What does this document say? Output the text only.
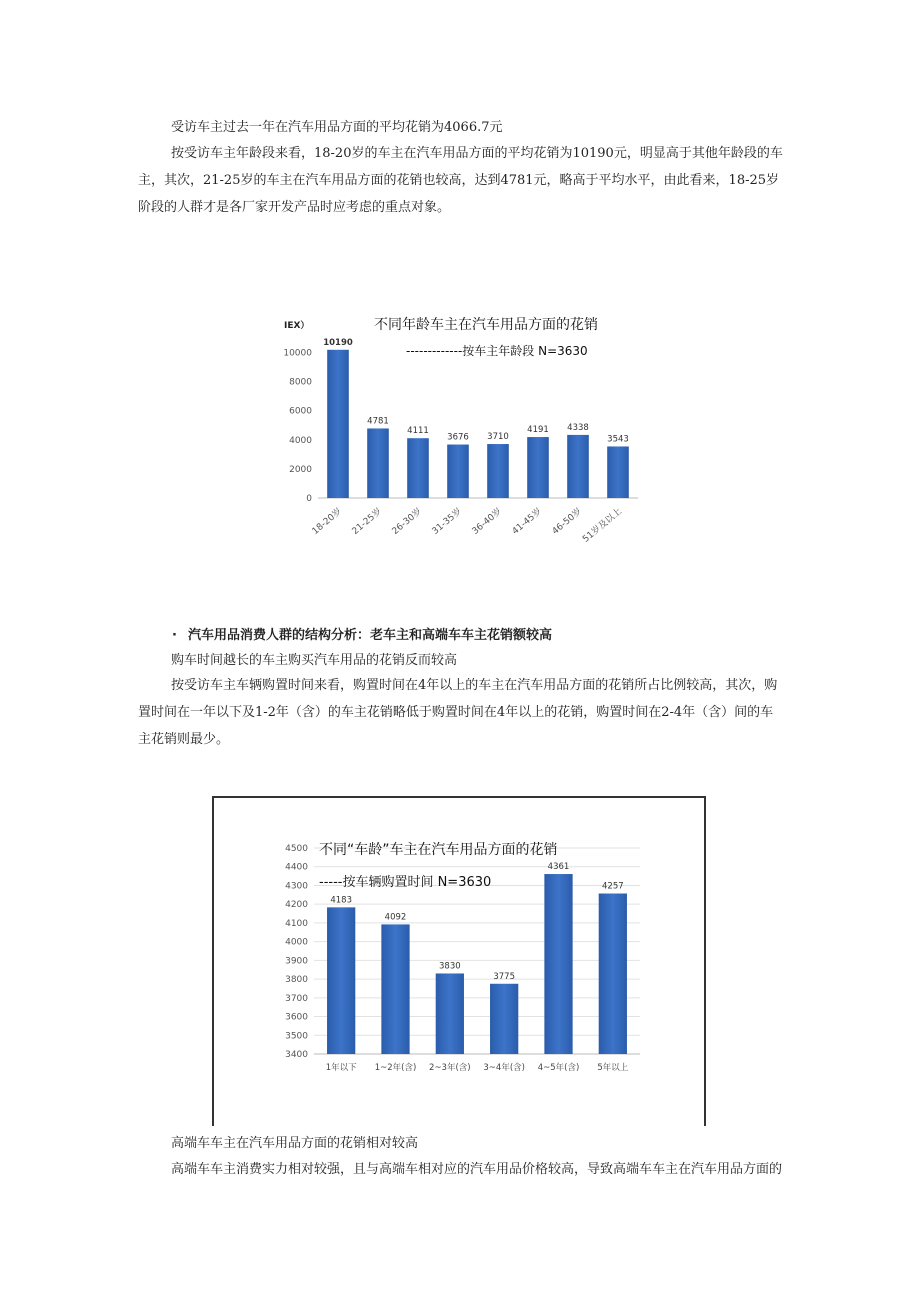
受访车主过去一年在汽车用品方面的平均花销为4066.7元

按受访车主年龄段来看，18-20岁的车主在汽车用品方面的平均花销为10190元，明显高于其他年龄段的车主，其次，21-25岁的车主在汽车用品方面的花销也较高，达到4781元，略高于平均水平，由此看来，18-25岁阶段的人群才是各厂家开发产品时应考虑的重点对象。

IEX）	不同年龄车主在汽车用品方面的花销
-------------按车主年龄段 N=3630
0
2000
4000
6000
8000
10000
18-20岁 21-25岁 26-30岁 31-35岁 36-40岁 41-45岁 46-50岁
51岁及以上
10190
4781
4111
3676 3710
4191 4338
3543
· 汽车用品消费人群的结构分析：老车主和高端车车主花销额较高

购车时间越长的车主购买汽车用品的花销反而较高

按受访车主车辆购置时间来看，购置时间在4年以上的车主在汽车用品方面的花销所占比例较高，其次，购置时间在一年以下及1-2年（含）的车主花销略低于购置时间在4年以上的花销，购置时间在2-4年（含）间的车主花销则最少。

3400
3500
3600
3700
3800
3900
4000
4100
4200
4300
4400
4500
1年以下 1~2年(含) 2~3年(含) 3~4年(含) 4~5年(含) 5年以上
4183
4092
3830
3775
4361
4257
不同“车龄”车主在汽车用品方面的花销
-----按车辆购置时间 N=3630

高端车车主在汽车用品方面的花销相对较高

高端车车主消费实力相对较强，且与高端车相对应的汽车用品价格较高，导致高端车车主在汽车用品方面的
